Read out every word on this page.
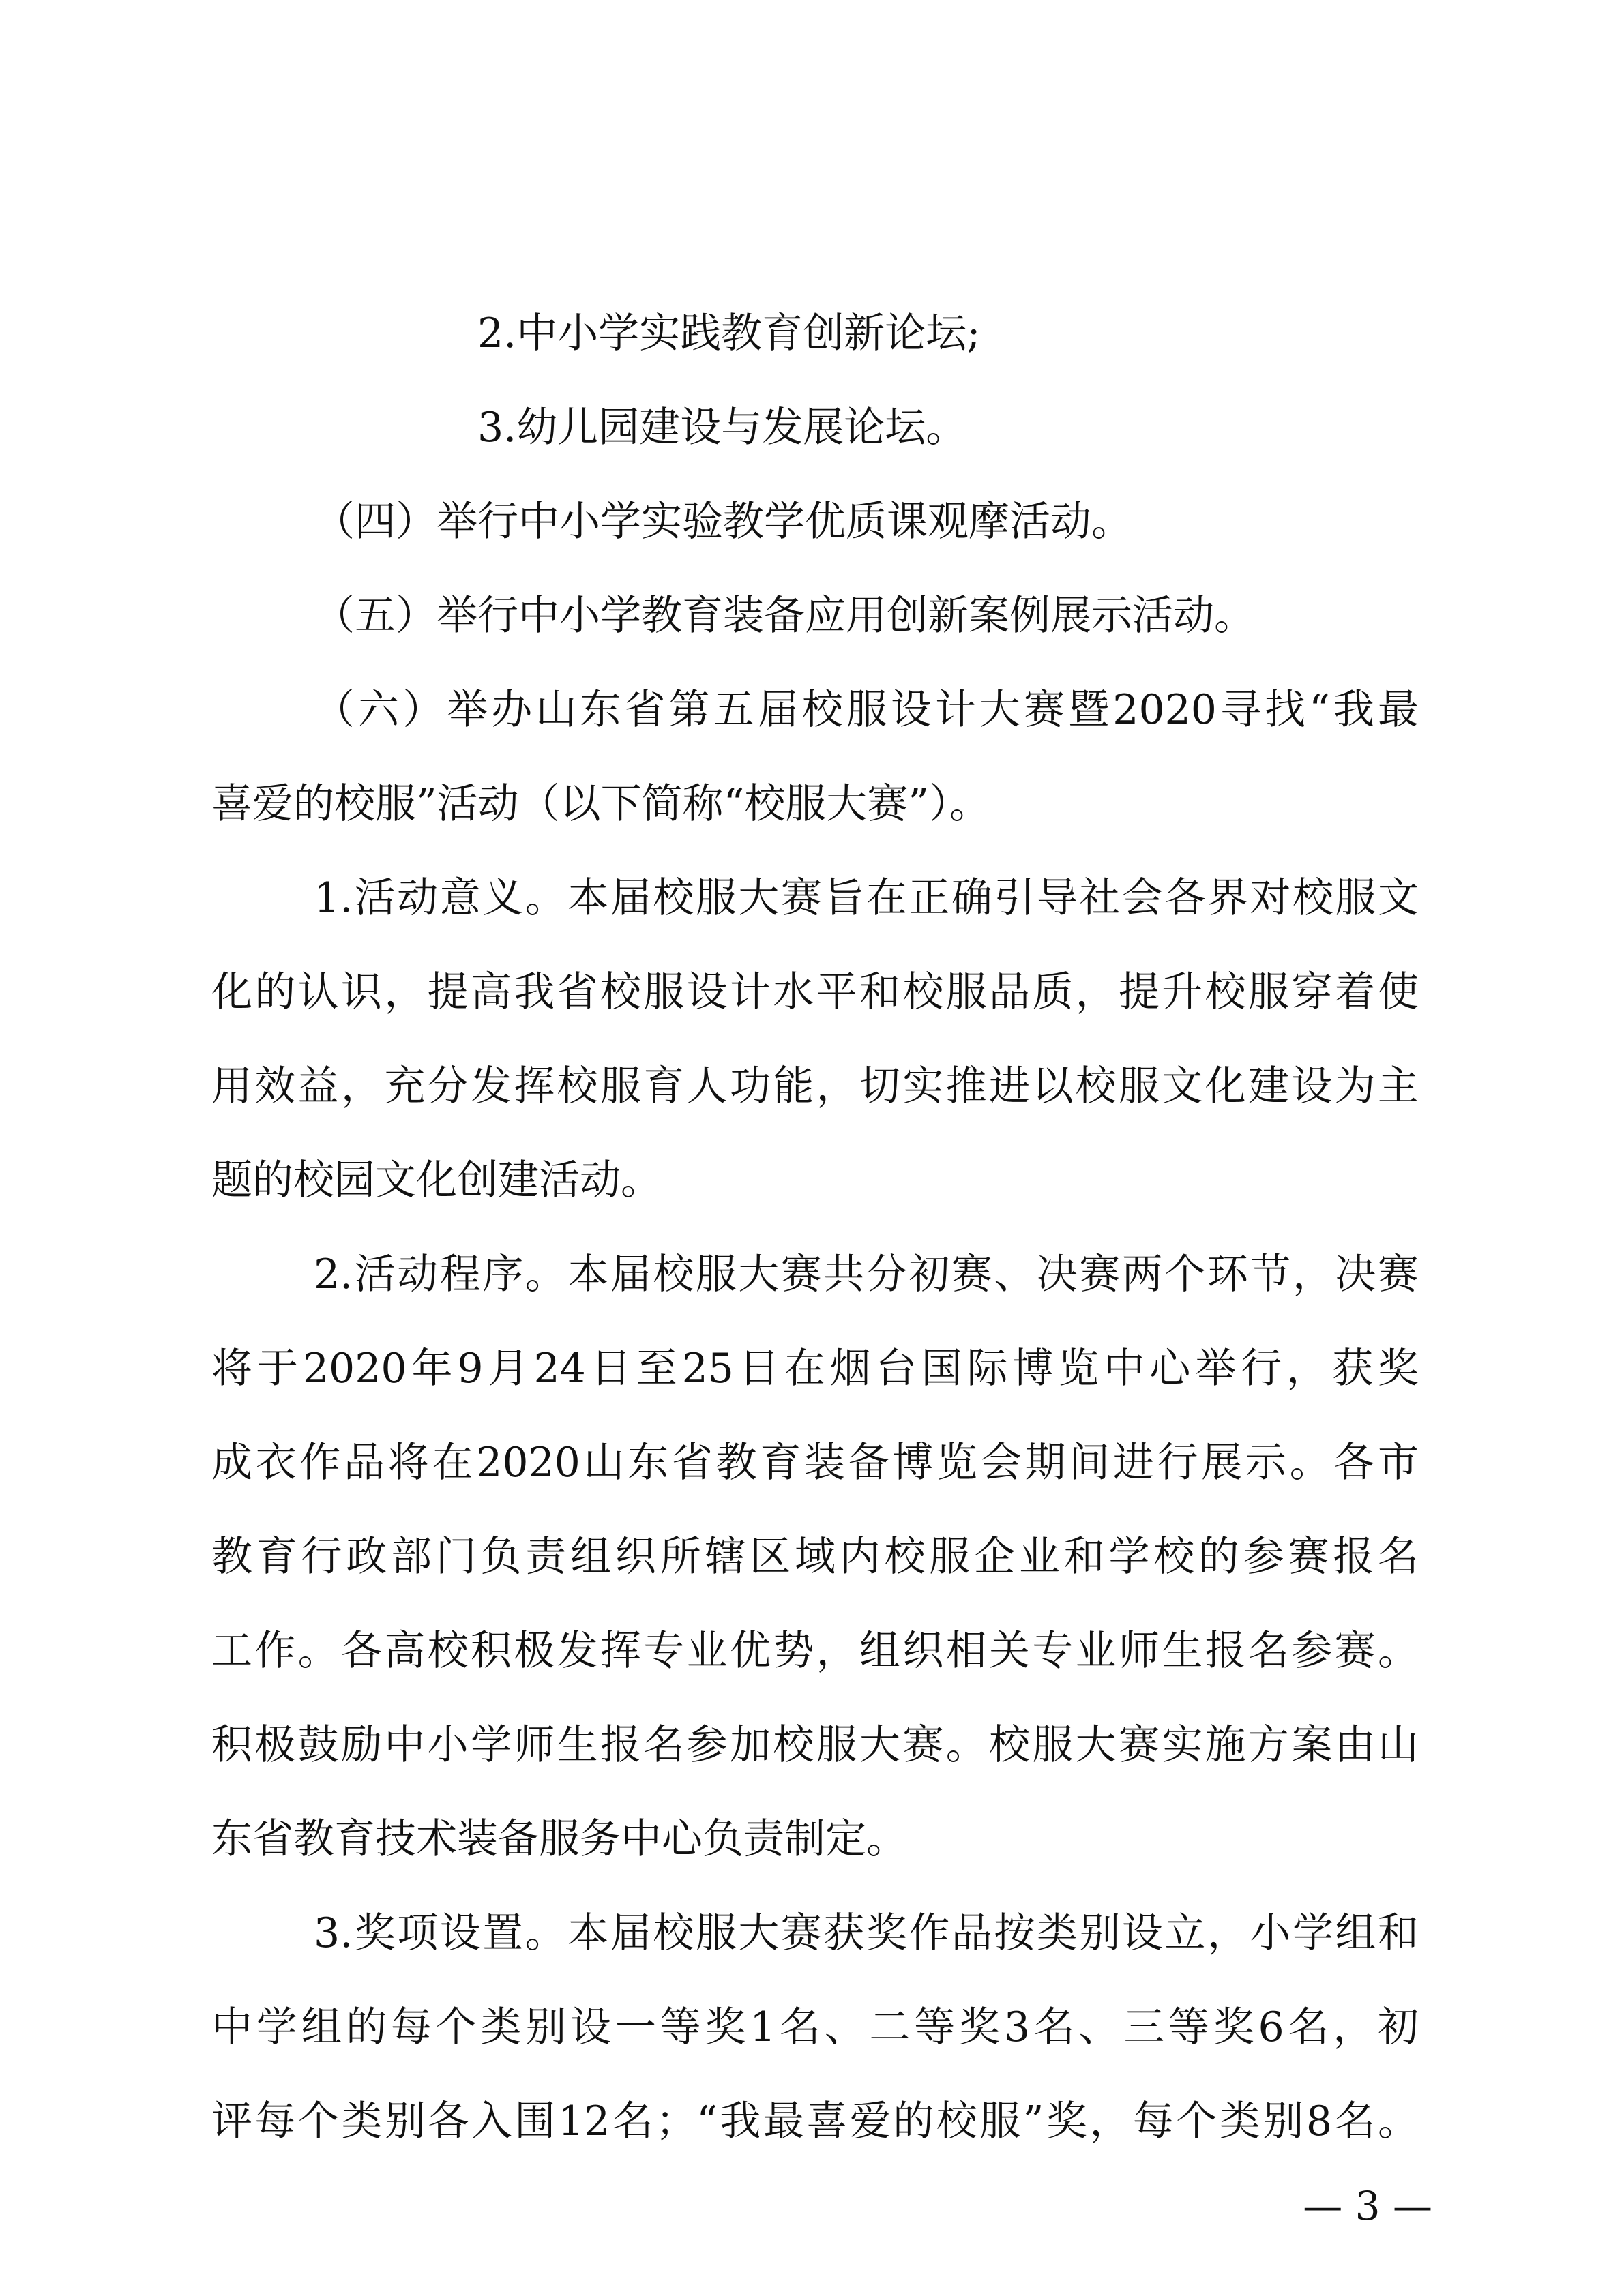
2.中小学实践教育创新论坛;

3.幼儿园建设与发展论坛。

（四）举行中小学实验教学优质课观摩活动。

（五）举行中小学教育装备应用创新案例展示活动。

（六）举办山东省第五届校服设计大赛暨2020寻找“我最

喜爱的校服”活动（以下简称“校服大赛”）。

1.活动意义。本届校服大赛旨在正确引导社会各界对校服文

化的认识，提高我省校服设计水平和校服品质，提升校服穿着使

用效益，充分发挥校服育人功能，切实推进以校服文化建设为主

题的校园文化创建活动。

2.活动程序。本届校服大赛共分初赛、决赛两个环节，决赛

将于2020年9月24日至25日在烟台国际博览中心举行，获奖

成衣作品将在2020山东省教育装备博览会期间进行展示。各市

教育行政部门负责组织所辖区域内校服企业和学校的参赛报名

工作。各高校积极发挥专业优势，组织相关专业师生报名参赛。

积极鼓励中小学师生报名参加校服大赛。校服大赛实施方案由山

东省教育技术装备服务中心负责制定。

3.奖项设置。本届校服大赛获奖作品按类别设立，小学组和

中学组的每个类别设一等奖1名、二等奖3名、三等奖6名，初

评每个类别各入围12名；“我最喜爱的校服”奖，每个类别8名。

— 3 —
